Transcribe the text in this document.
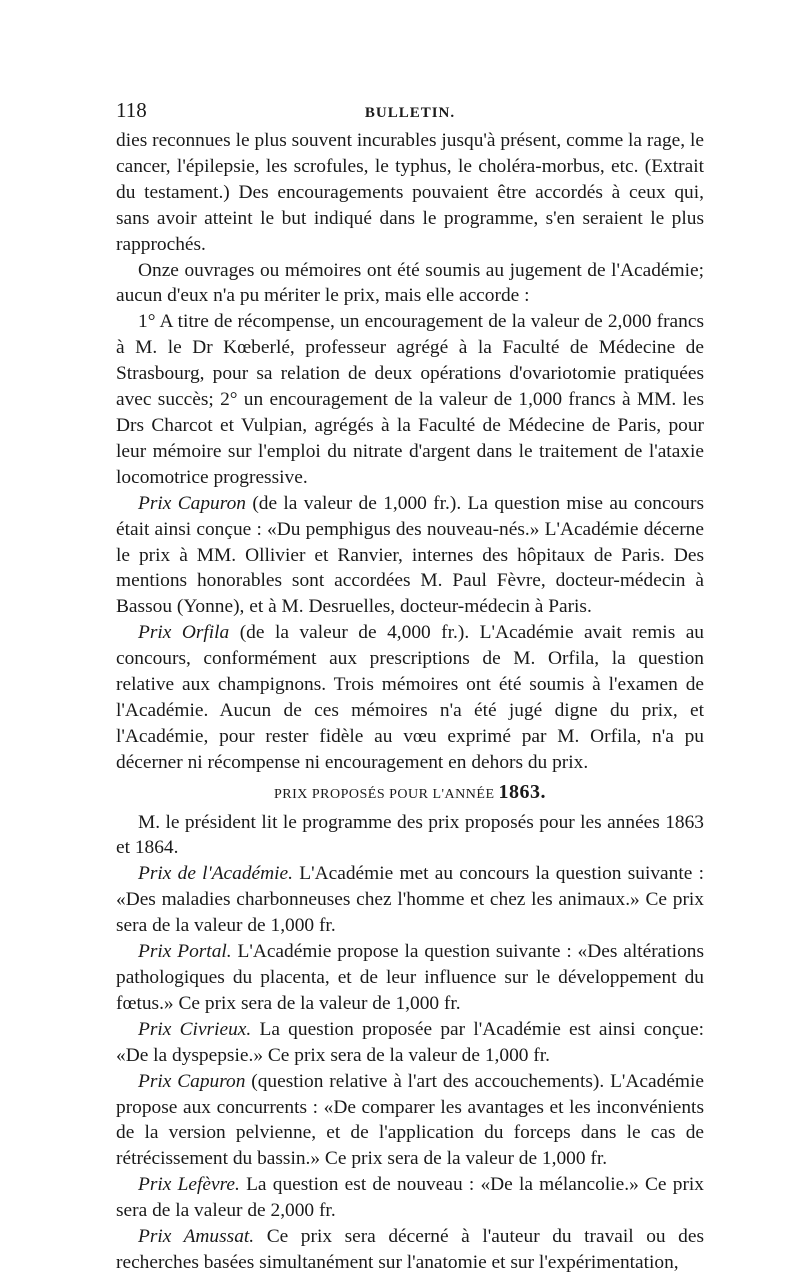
118	BULLETIN.

dies reconnues le plus souvent incurables jusqu'à présent, comme la rage, le cancer, l'épilepsie, les scrofules, le typhus, le choléra-morbus, etc. (Extrait du testament.) Des encouragements pouvaient être accordés à ceux qui, sans avoir atteint le but indiqué dans le programme, s'en seraient le plus rapprochés.

Onze ouvrages ou mémoires ont été soumis au jugement de l'Académie; aucun d'eux n'a pu mériter le prix, mais elle accorde :

1° A titre de récompense, un encouragement de la valeur de 2,000 francs à M. le Dr Kœberlé, professeur agrégé à la Faculté de Médecine de Strasbourg, pour sa relation de deux opérations d'ovariotomie pratiquées avec succès; 2° un encouragement de la valeur de 1,000 francs à MM. les Drs Charcot et Vulpian, agrégés à la Faculté de Médecine de Paris, pour leur mémoire sur l'emploi du nitrate d'argent dans le traitement de l'ataxie locomotrice progressive.

Prix Capuron (de la valeur de 1,000 fr.). La question mise au concours était ainsi conçue : «Du pemphigus des nouveau-nés.» L'Académie décerne le prix à MM. Ollivier et Ranvier, internes des hôpitaux de Paris. Des mentions honorables sont accordées M. Paul Fèvre, docteur-médecin à Bassou (Yonne), et à M. Desruelles, docteur-médecin à Paris.

Prix Orfila (de la valeur de 4,000 fr.). L'Académie avait remis au concours, conformément aux prescriptions de M. Orfila, la question relative aux champignons. Trois mémoires ont été soumis à l'examen de l'Académie. Aucun de ces mémoires n'a été jugé digne du prix, et l'Académie, pour rester fidèle au vœu exprimé par M. Orfila, n'a pu décerner ni récompense ni encouragement en dehors du prix.

PRIX PROPOSÉS POUR L'ANNÉE 1863.

M. le président lit le programme des prix proposés pour les années 1863 et 1864.

Prix de l'Académie. L'Académie met au concours la question suivante : «Des maladies charbonneuses chez l'homme et chez les animaux.» Ce prix sera de la valeur de 1,000 fr.

Prix Portal. L'Académie propose la question suivante : «Des altérations pathologiques du placenta, et de leur influence sur le développement du fœtus.» Ce prix sera de la valeur de 1,000 fr.

Prix Civrieux. La question proposée par l'Académie est ainsi conçue: «De la dyspepsie.» Ce prix sera de la valeur de 1,000 fr.

Prix Capuron (question relative à l'art des accouchements). L'Académie propose aux concurrents : «De comparer les avantages et les inconvénients de la version pelvienne, et de l'application du forceps dans le cas de rétrécissement du bassin.» Ce prix sera de la valeur de 1,000 fr.

Prix Lefèvre. La question est de nouveau : «De la mélancolie.» Ce prix sera de la valeur de 2,000 fr.

Prix Amussat. Ce prix sera décerné à l'auteur du travail ou des recherches basées simultanément sur l'anatomie et sur l'expérimentation,
